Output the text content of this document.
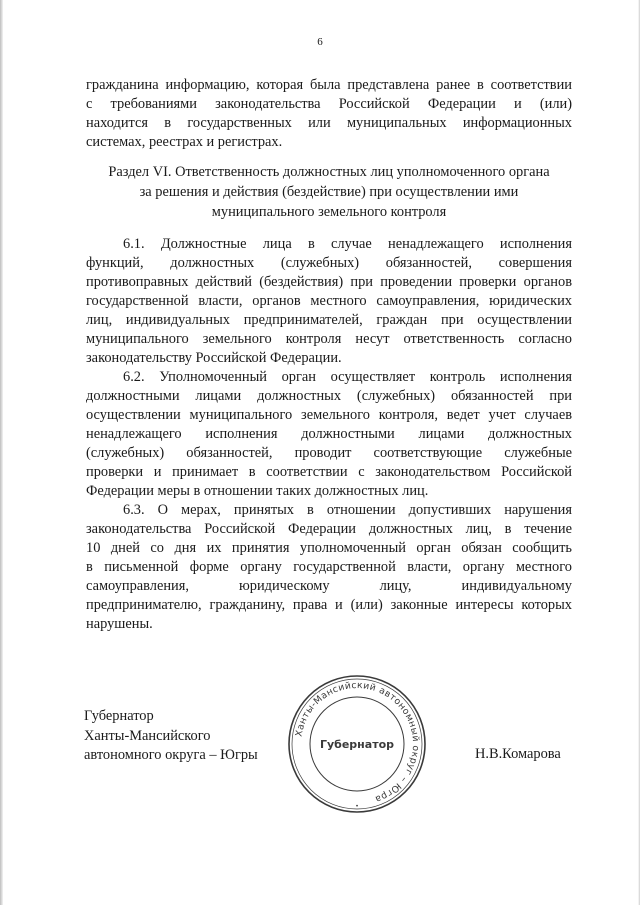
6

гражданина информацию, которая была представлена ранее в соответствии

с требованиями законодательства Российской Федерации и (или)

находится в государственных или муниципальных информационных

системах, реестрах и регистрах.

Раздел VI. Ответственность должностных лиц уполномоченного органа
за решения и действия (бездействие) при осуществлении ими
муниципального земельного контроля

6.1. Должностные лица в случае ненадлежащего исполнения

функций, должностных (служебных) обязанностей, совершения

противоправных действий (бездействия) при проведении проверки органов

государственной власти, органов местного самоуправления, юридических

лиц, индивидуальных предпринимателей, граждан при осуществлении

муниципального земельного контроля несут ответственность согласно

законодательству Российской Федерации.

6.2. Уполномоченный орган осуществляет контроль исполнения

должностными лицами должностных (служебных) обязанностей при

осуществлении муниципального земельного контроля, ведет учет случаев

ненадлежащего исполнения должностными лицами должностных

(служебных) обязанностей, проводит соответствующие служебные

проверки и принимает в соответствии с законодательством Российской

Федерации меры в отношении таких должностных лиц.

6.3. О мерах, принятых в отношении допустивших нарушения

законодательства Российской Федерации должностных лиц, в течение

10 дней со дня их принятия уполномоченный орган обязан сообщить

в письменной форме органу государственной власти, органу местного

самоуправления, юридическому лицу, индивидуальному

предпринимателю, гражданину, права и (или) законные интересы которых

нарушены.

Губернатор
Ханты-Мансийского
автономного округа – Югры
Ханты-Мансийский автономный округ – Югра
Губернатор
•
Н.В.Комарова
